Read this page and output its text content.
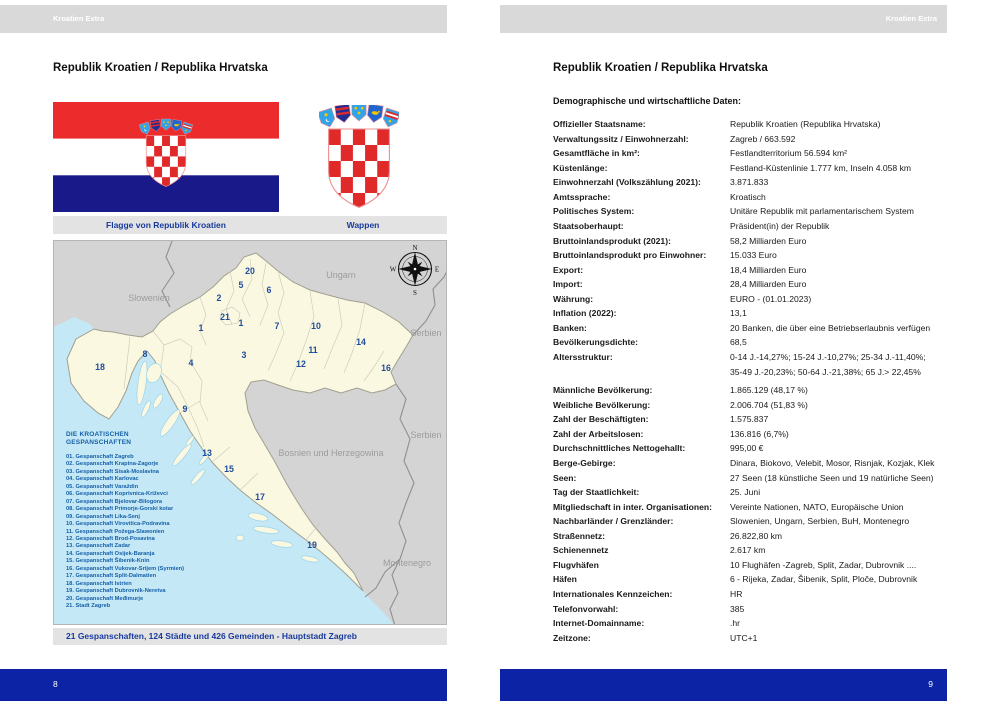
Kroatien Extra	Kroatien Extra
Republik Kroatien / Republika Hrvatska
Flagge von Republik Kroatien	Wappen
N
E
S
W
20
5
2
6
21
1	1	7	10
14
11
3
12	16
8
4
18
9
13
15
17
19
Slowenien
Ungarn
Serbien
Serbien
Bosnien und Herzegowina
Montenegro
DIE KROATISCHEN
GESPANSCHAFTEN
01. Gespanschaft Zagreb
02. Gespanschaft Krapina-Zagorje
03. Gespanschaft Sisak-Moslavina
04. Gespanschaft Karlovac
05. Gespanschaft Varaždin
06. Gespanschaft Koprivnica-Križevci
07. Gespanschaft Bjelovar-Bilogora
08. Gespanschaft Primorje-Gorski kotar
09. Gespanschaft Lika-Senj
10. Gespanschaft Virovitica-Podravina
11. Gespanschaft Požega-Slawonien
12. Gespanschaft Brod-Posavina
13. Gespanschaft Zadar
14. Gespanschaft Osijek-Baranja
15. Gespanschaft Šibenik-Knin
16. Gespanschaft Vukovar-Srijem (Syrmien)
17. Gespanschaft Split-Dalmatien
18. Gespanschaft Istrien
19. Gespanschaft Dubrovnik-Neretva
20. Gespanschaft Međimurje
21. Stadt Zagreb
21 Gespanschaften, 124 Städte und 426 Gemeinden - Hauptstadt Zagreb
Republik Kroatien / Republika Hrvatska
Demographische und wirtschaftliche Daten:
Offizieller Staatsname:	Republik Kroatien (Republika Hrvatska)
Verwaltungssitz / Einwohnerzahl:	Zagreb / 663.592
Gesamtfläche in km²:	Festlandterritorium 56.594 km²
Küstenlänge:	Festland-Küstenlinie 1.777 km, Inseln 4.058 km
Einwohnerzahl (Volkszählung 2021):	3.871.833
Amtssprache:	Kroatisch
Politisches System:	Unitäre Republik mit parlamentarischem System
Staatsoberhaupt:	Präsident(in) der Republik
Bruttoinlandsprodukt (2021):	58,2 Milliarden Euro
Bruttoinlandsprodukt pro Einwohner:	15.033 Euro
Export:	18,4 Milliarden Euro
Import:	28,4 Milliarden Euro
Währung:	EURO - (01.01.2023)
Inflation (2022):	13,1
Banken:	20 Banken, die über eine Betriebserlaubnis verfügen
Bevölkerungsdichte:	68,5
Altersstruktur:	0-14 J.-14,27%; 15-24 J.-10,27%; 25-34 J.-11,40%;
35-49 J.-20,23%; 50-64 J.-21,38%; 65 J.> 22,45%
Männliche Bevölkerung:	1.865.129 (48,17 %)
Weibliche Bevölkerung:	2.006.704 (51,83 %)
Zahl der Beschäftigten:	1.575.837
Zahl der Arbeitslosen:	136.816 (6,7%)
Durchschnittliches Nettogehallt:	995,00 €
Berge-Gebirge:	Dinara, Biokovo, Velebit, Mosor, Risnjak, Kozjak, Klek
Seen:	27 Seen (18 künstliche Seen und 19 natürliche Seen)
Tag der Staatlichkeit:	25. Juni
Mitgliedschaft in inter. Organisationen:	Vereinte Nationen, NATO, Europäische Union
Nachbarländer / Grenzländer:	Slowenien, Ungarn, Serbien, BuH, Montenegro
Straßennetz:	26.822,80 km
Schienennetz	2.617 km
Flugvhäfen	10 Flughäfen -Zagreb, Split, Zadar, Dubrovnik ....
Häfen	6 - Rijeka, Zadar, Šibenik, Split, Ploče, Dubrovnik
Internationales Kennzeichen:	HR
Telefonvorwahl:	385
Internet-Domainname:	.hr
Zeitzone:	UTC+1
8	9
